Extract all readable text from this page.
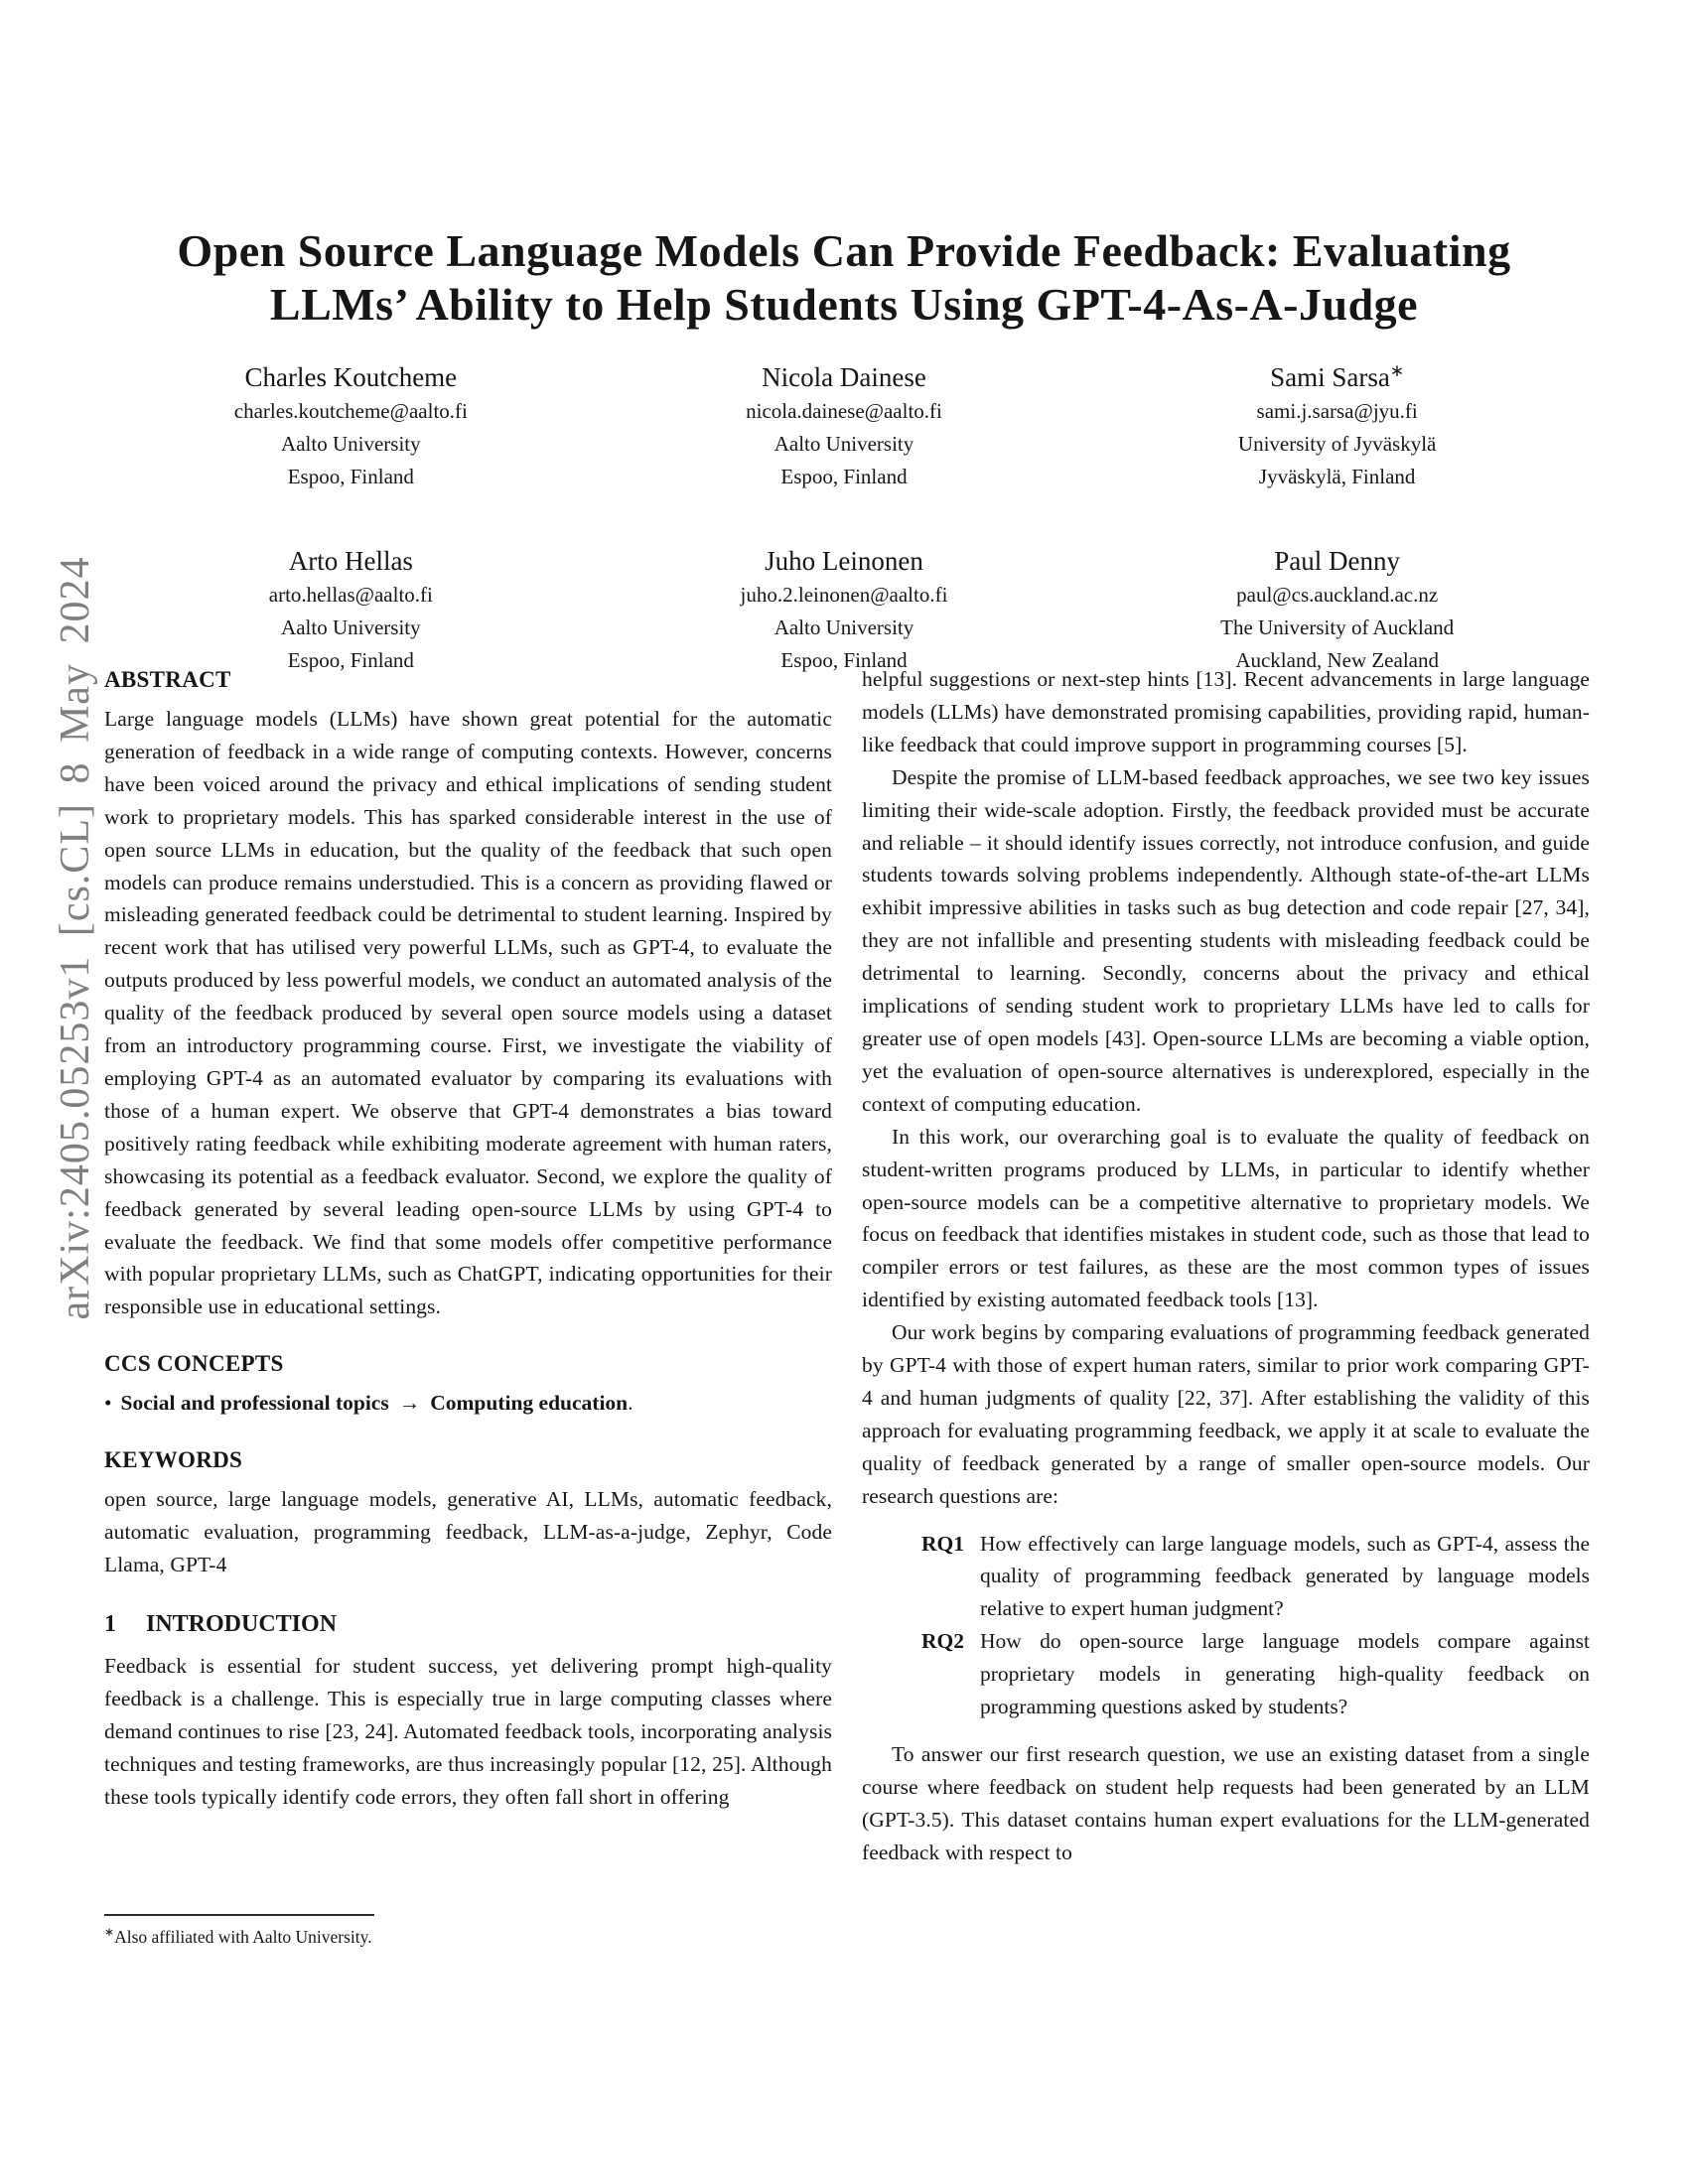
arXiv:2405.05253v1 [cs.CL] 8 May 2024
Open Source Language Models Can Provide Feedback: Evaluating
LLMs’ Ability to Help Students Using GPT-4-As-A-Judge
Charles Koutcheme
charles.koutcheme@aalto.fi
Aalto University
Espoo, Finland
Nicola Dainese
nicola.dainese@aalto.fi
Aalto University
Espoo, Finland
Sami Sarsa∗
sami.j.sarsa@jyu.fi
University of Jyväskylä
Jyväskylä, Finland
Arto Hellas
arto.hellas@aalto.fi
Aalto University
Espoo, Finland
Juho Leinonen
juho.2.leinonen@aalto.fi
Aalto University
Espoo, Finland
Paul Denny
paul@cs.auckland.ac.nz
The University of Auckland
Auckland, New Zealand
ABSTRACT

Large language models (LLMs) have shown great potential for the automatic generation of feedback in a wide range of computing contexts. However, concerns have been voiced around the privacy and ethical implications of sending student work to proprietary models. This has sparked considerable interest in the use of open source LLMs in education, but the quality of the feedback that such open models can produce remains understudied. This is a concern as providing flawed or misleading generated feedback could be detrimental to student learning. Inspired by recent work that has utilised very powerful LLMs, such as GPT-4, to evaluate the outputs produced by less powerful models, we conduct an automated analysis of the quality of the feedback produced by several open source models using a dataset from an introductory programming course. First, we investigate the viability of employing GPT-4 as an automated evaluator by comparing its evaluations with those of a human expert. We observe that GPT-4 demonstrates a bias toward positively rating feedback while exhibiting moderate agreement with human raters, showcasing its potential as a feedback evaluator. Second, we explore the quality of feedback generated by several leading open-source LLMs by using GPT-4 to evaluate the feedback. We find that some models offer competitive performance with popular proprietary LLMs, such as ChatGPT, indicating opportunities for their responsible use in educational settings.

CCS CONCEPTS

• Social and professional topics → Computing education.

KEYWORDS

open source, large language models, generative AI, LLMs, automatic feedback, automatic evaluation, programming feedback, LLM-as-a-judge, Zephyr, Code Llama, GPT-4

1 INTRODUCTION

Feedback is essential for student success, yet delivering prompt high-quality feedback is a challenge. This is especially true in large computing classes where demand continues to rise [23, 24]. Automated feedback tools, incorporating analysis techniques and testing frameworks, are thus increasingly popular [12, 25]. Although these tools typically identify code errors, they often fall short in offering

helpful suggestions or next-step hints [13]. Recent advancements in large language models (LLMs) have demonstrated promising capabilities, providing rapid, human-like feedback that could improve support in programming courses [5].

Despite the promise of LLM-based feedback approaches, we see two key issues limiting their wide-scale adoption. Firstly, the feedback provided must be accurate and reliable – it should identify issues correctly, not introduce confusion, and guide students towards solving problems independently. Although state-of-the-art LLMs exhibit impressive abilities in tasks such as bug detection and code repair [27, 34], they are not infallible and presenting students with misleading feedback could be detrimental to learning. Secondly, concerns about the privacy and ethical implications of sending student work to proprietary LLMs have led to calls for greater use of open models [43]. Open-source LLMs are becoming a viable option, yet the evaluation of open-source alternatives is underexplored, especially in the context of computing education.

In this work, our overarching goal is to evaluate the quality of feedback on student-written programs produced by LLMs, in particular to identify whether open-source models can be a competitive alternative to proprietary models. We focus on feedback that identifies mistakes in student code, such as those that lead to compiler errors or test failures, as these are the most common types of issues identified by existing automated feedback tools [13].

Our work begins by comparing evaluations of programming feedback generated by GPT-4 with those of expert human raters, similar to prior work comparing GPT-4 and human judgments of quality [22, 37]. After establishing the validity of this approach for evaluating programming feedback, we apply it at scale to evaluate the quality of feedback generated by a range of smaller open-source models. Our research questions are:

RQ1 How effectively can large language models, such as GPT-4, assess the quality of programming feedback generated by language models relative to expert human judgment?

RQ2 How do open-source large language models compare against proprietary models in generating high-quality feedback on programming questions asked by students?

To answer our first research question, we use an existing dataset from a single course where feedback on student help requests had been generated by an LLM (GPT-3.5). This dataset contains human expert evaluations for the LLM-generated feedback with respect to

∗Also affiliated with Aalto University.
